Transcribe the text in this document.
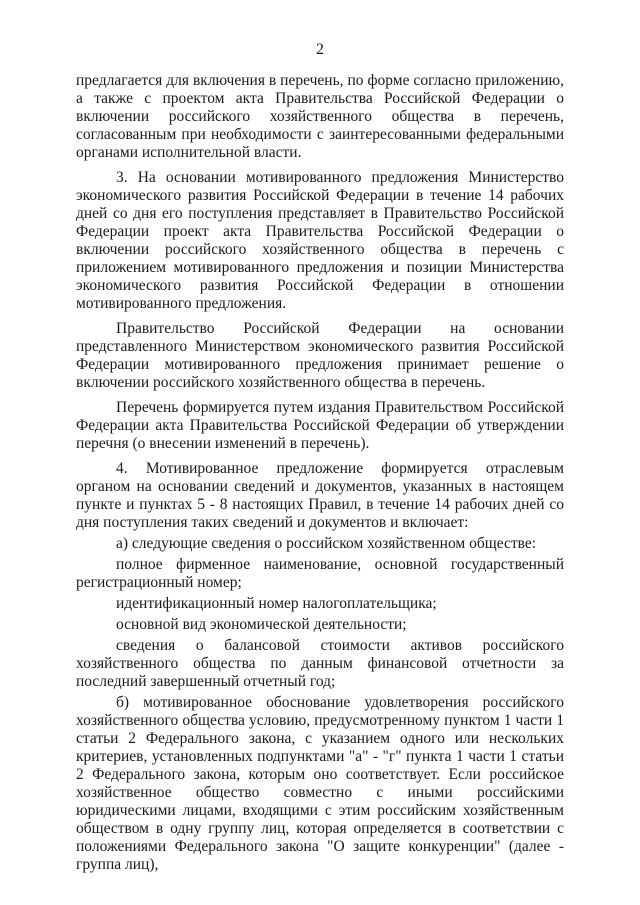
2

предлагается для включения в перечень, по форме согласно приложению, а также с проектом акта Правительства Российской Федерации о включении российского хозяйственного общества в перечень, согласованным при необходимости с заинтересованными федеральными органами исполнительной власти.

3. На основании мотивированного предложения Министерство экономического развития Российской Федерации в течение 14 рабочих дней со дня его поступления представляет в Правительство Российской Федерации проект акта Правительства Российской Федерации о включении российского хозяйственного общества в перечень с приложением мотивированного предложения и позиции Министерства экономического развития Российской Федерации в отношении мотивированного предложения.

Правительство Российской Федерации на основании представленного Министерством экономического развития Российской Федерации мотивированного предложения принимает решение о включении российского хозяйственного общества в перечень.

Перечень формируется путем издания Правительством Российской Федерации акта Правительства Российской Федерации об утверждении перечня (о внесении изменений в перечень).

4. Мотивированное предложение формируется отраслевым органом на основании сведений и документов, указанных в настоящем пункте и пунктах 5 - 8 настоящих Правил, в течение 14 рабочих дней со дня поступления таких сведений и документов и включает:

а) следующие сведения о российском хозяйственном обществе:

полное фирменное наименование, основной государственный регистрационный номер;

идентификационный номер налогоплательщика;

основной вид экономической деятельности;

сведения о балансовой стоимости активов российского хозяйственного общества по данным финансовой отчетности за последний завершенный отчетный год;

б) мотивированное обоснование удовлетворения российского хозяйственного общества условию, предусмотренному пунктом 1 части 1 статьи 2 Федерального закона, с указанием одного или нескольких критериев, установленных подпунктами "а" - "г" пункта 1 части 1 статьи 2 Федерального закона, которым оно соответствует. Если российское хозяйственное общество совместно с иными российскими юридическими лицами, входящими с этим российским хозяйственным обществом в одну группу лиц, которая определяется в соответствии с положениями Федерального закона "О защите конкуренции" (далее - группа лиц),
